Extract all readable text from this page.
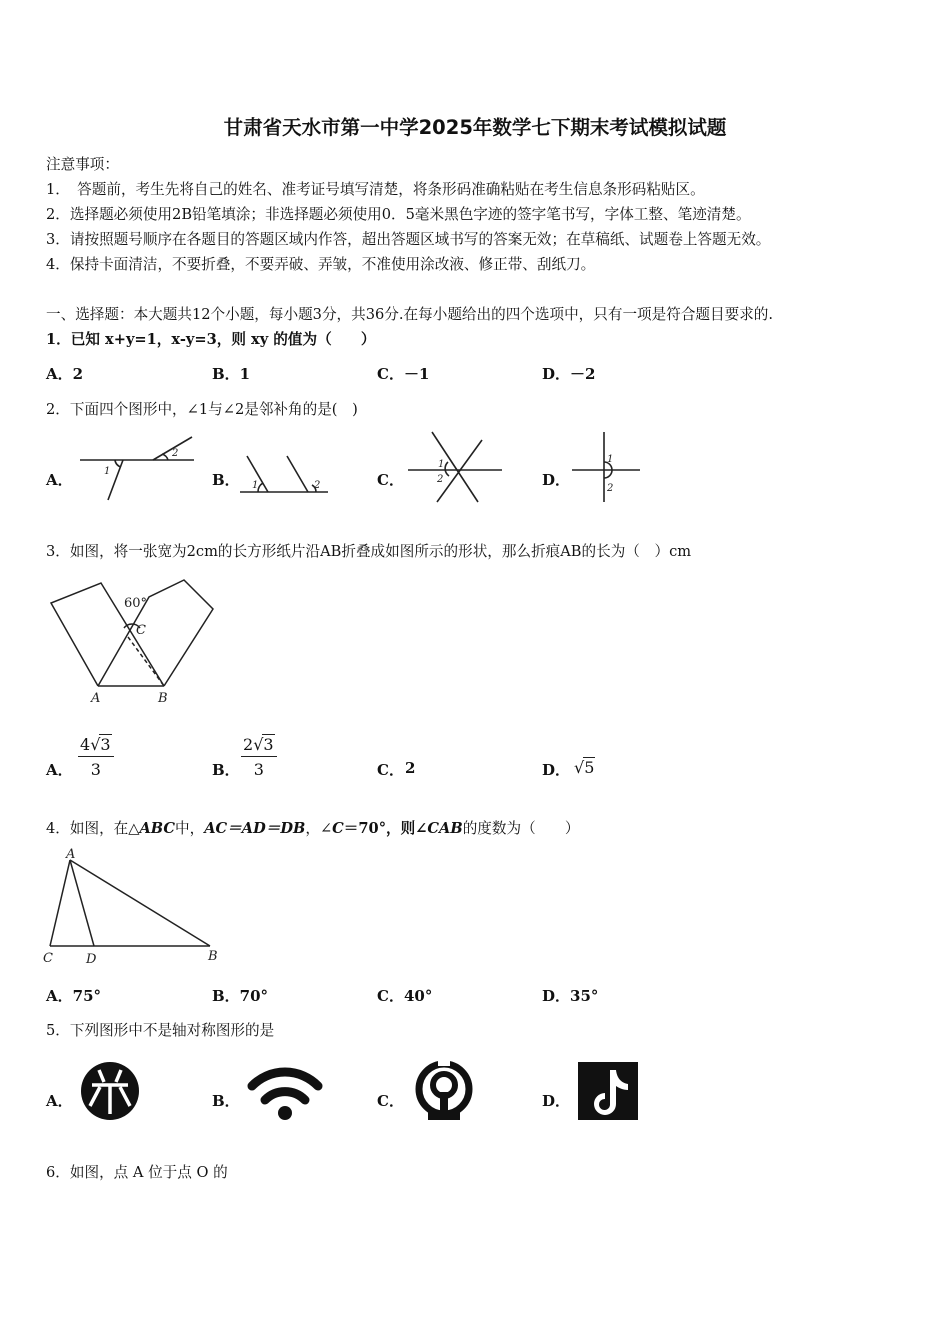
甘肃省天水市第一中学2025年数学七下期末考试模拟试题
注意事项：
1．　答题前，考生先将自己的姓名、准考证号填写清楚，将条形码准确粘贴在考生信息条形码粘贴区。
2．选择题必须使用2B铅笔填涂；非选择题必须使用0．5毫米黑色字迹的签字笔书写，字体工整、笔迹清楚。
3．请按照题号顺序在各题目的答题区域内作答，超出答题区域书写的答案无效；在草稿纸、试题卷上答题无效。
4．保持卡面清洁，不要折叠，不要弄破、弄皱，不准使用涂改液、修正带、刮纸刀。
一、选择题：本大题共12个小题，每小题3分，共36分.在每小题给出的四个选项中，只有一项是符合题目要求的.
1．已知 x+y=1，x-y=3，则 xy 的值为（　　）
A．2	B．1	C．－1	D．－2
2．下面四个图形中，∠1与∠2是邻补角的是(　)
A．	B．	C．	D．
1
2
1	2
1
2
1
2
60°
C
A	B
A
B
C	D
3．如图，将一张宽为2cm的长方形纸片沿AB折叠成如图所示的形状，那么折痕AB的长为（　）cm
A． $\frac{4√3}{3}$	B． $\frac{2√3}{3}$	C． 2	D． √5
4．如图，在△ABC中，AC＝AD＝DB，∠C＝70°，则∠CAB的度数为（　　）
A．75°	B．70°	C．40°	D．35°
5．下列图形中不是轴对称图形的是
A．	B．	C．	D．
6．如图，点 A 位于点 O 的
